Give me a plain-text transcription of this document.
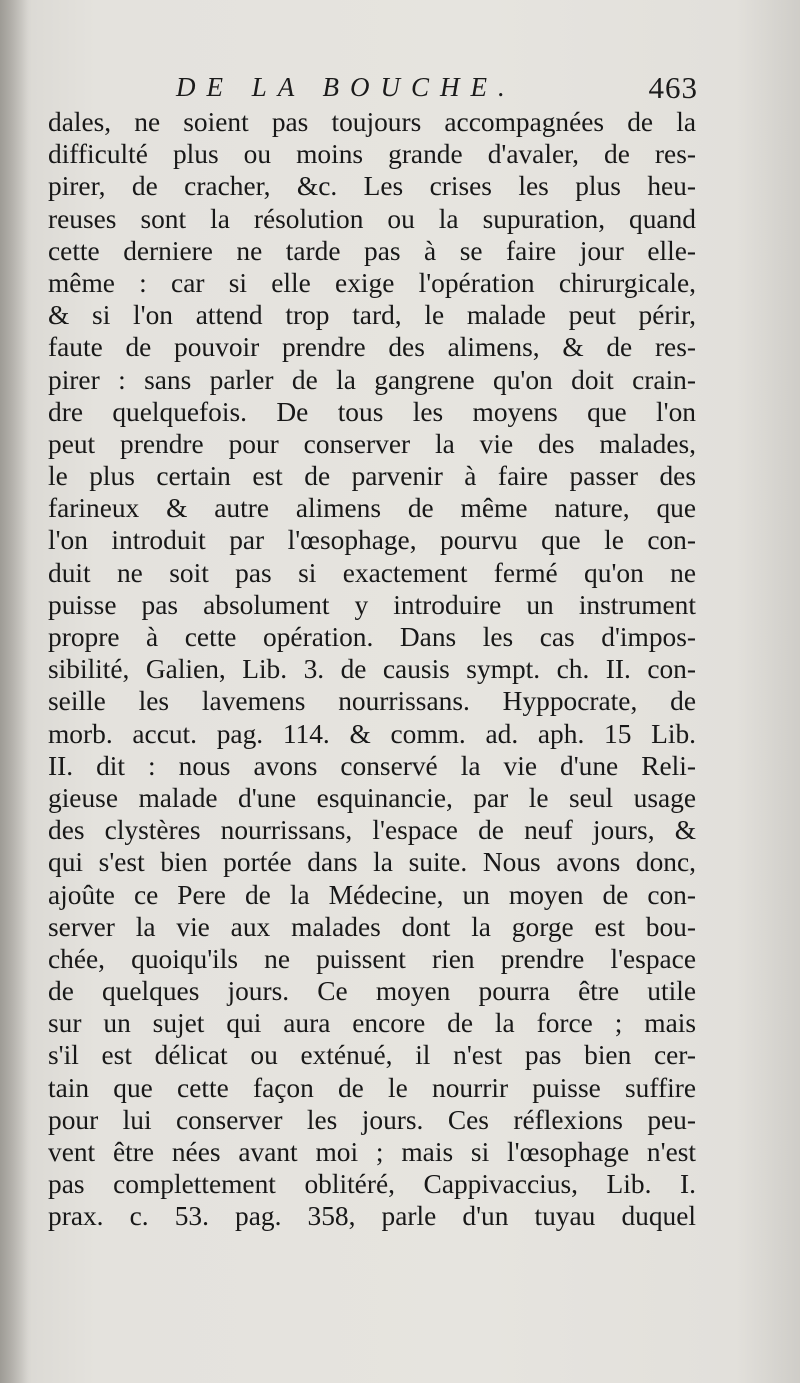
DE LA BOUCHE.	463
dales, ne soient pas toujours accompagnées de la
difficulté plus ou moins grande d'avaler, de res-
pirer, de cracher, &c. Les crises les plus heu-
reuses sont la résolution ou la supuration, quand
cette derniere ne tarde pas à se faire jour elle-
même : car si elle exige l'opération chirurgicale,
& si l'on attend trop tard, le malade peut périr,
faute de pouvoir prendre des alimens, & de res-
pirer : sans parler de la gangrene qu'on doit crain-
dre quelquefois. De tous les moyens que l'on
peut prendre pour conserver la vie des malades,
le plus certain est de parvenir à faire passer des
farineux & autre alimens de même nature, que
l'on introduit par l'œsophage, pourvu que le con-
duit ne soit pas si exactement fermé qu'on ne
puisse pas absolument y introduire un instrument
propre à cette opération. Dans les cas d'impos-
sibilité, Galien, Lib. 3. de causis sympt. ch. II. con-
seille les lavemens nourrissans. Hyppocrate, de
morb. accut. pag. 114. & comm. ad. aph. 15 Lib.
II. dit : nous avons conservé la vie d'une Reli-
gieuse malade d'une esquinancie, par le seul usage
des clystères nourrissans, l'espace de neuf jours, &
qui s'est bien portée dans la suite. Nous avons donc,
ajoûte ce Pere de la Médecine, un moyen de con-
server la vie aux malades dont la gorge est bou-
chée, quoiqu'ils ne puissent rien prendre l'espace
de quelques jours. Ce moyen pourra être utile
sur un sujet qui aura encore de la force ; mais
s'il est délicat ou exténué, il n'est pas bien cer-
tain que cette façon de le nourrir puisse suffire
pour lui conserver les jours. Ces réflexions peu-
vent être nées avant moi ; mais si l'œsophage n'est
pas complettement oblitéré, Cappivaccius, Lib. I.
prax. c. 53. pag. 358, parle d'un tuyau duquel
